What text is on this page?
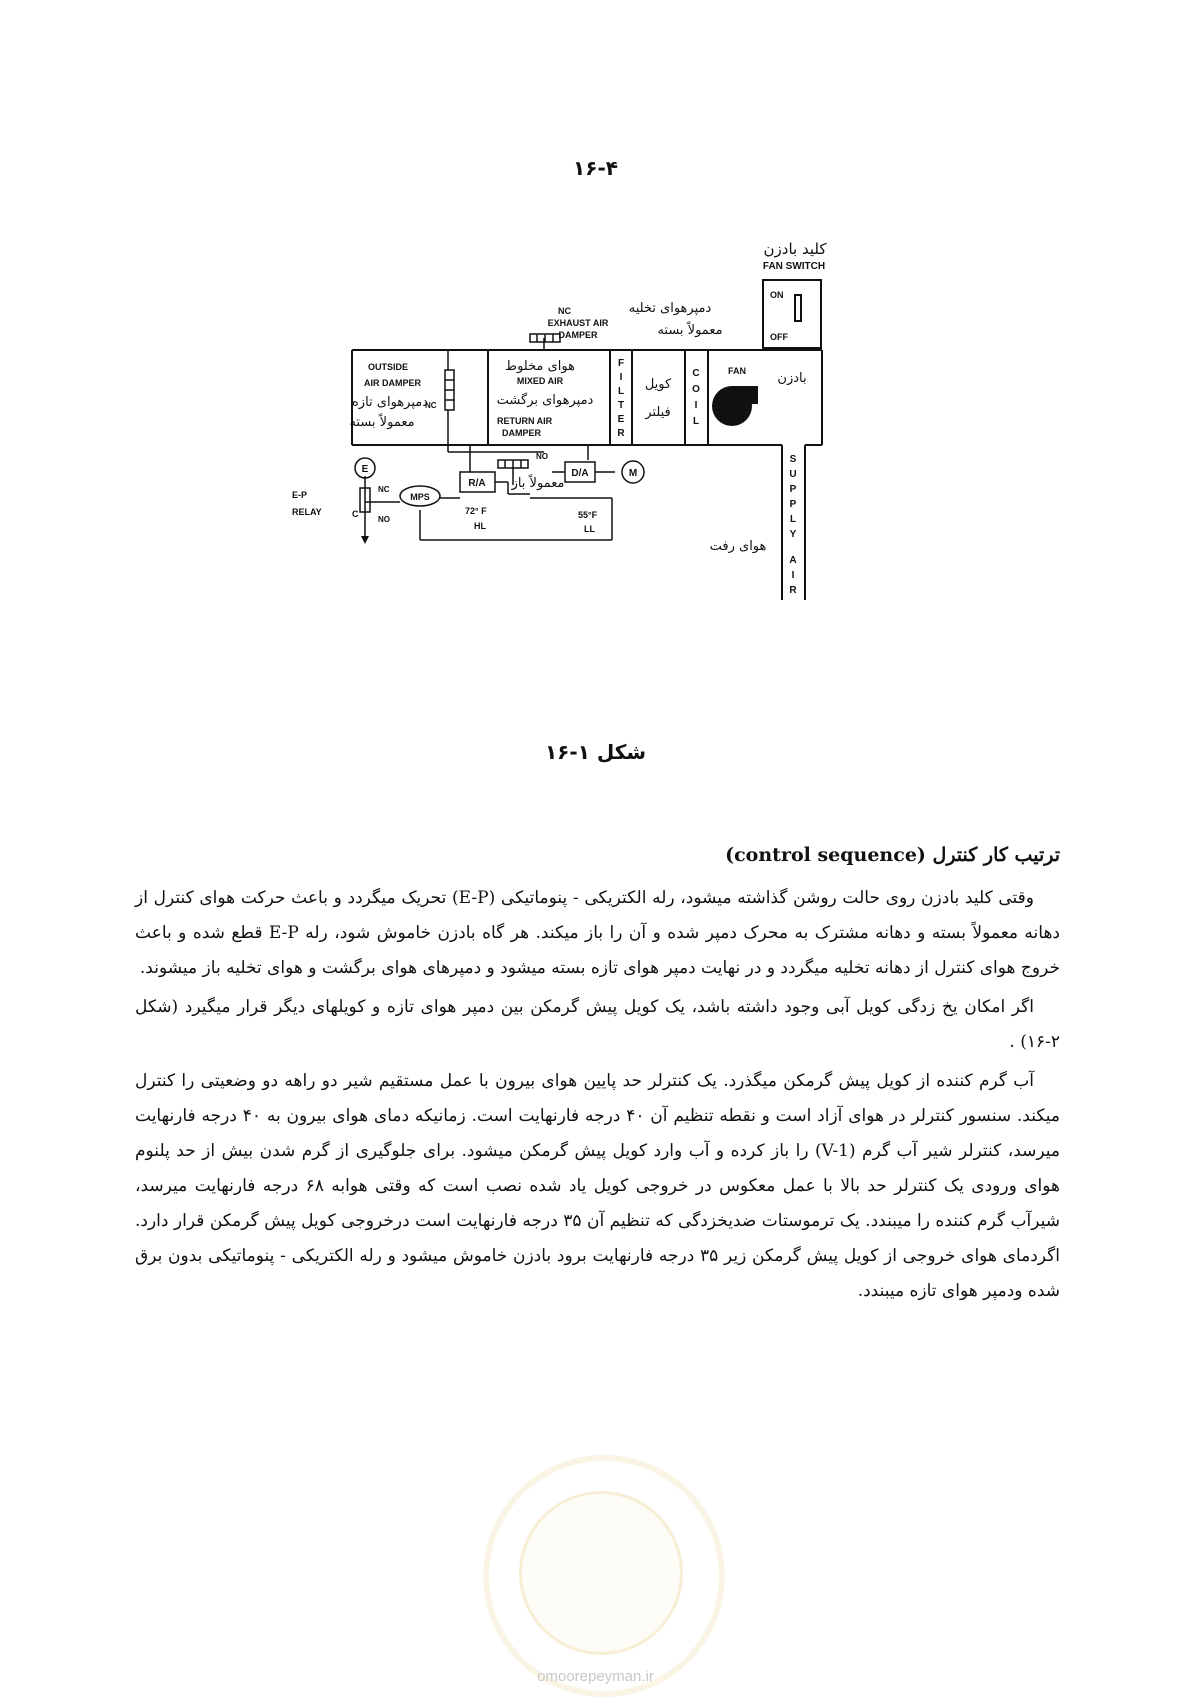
۱۶-۴
کلید بادزن
FAN SWITCH
ON
OFF
NC	دمپرهوای تخلیه
EXHAUST AIR
DAMPER	معمولاً بسته
OUTSIDE
AIR DAMPER
دمپرهوای تازه
معمولاً بسته
NC
هوای مخلوط
MIXED AIR
دمپرهوای برگشت
RETURN AIR
DAMPER
F
I
L
T
E
R
کویل
فیلتر
C
O
I
L
FAN بادزن
S
U
P
P
L
Y
A
I
R
هوای رفت
NO
معمولاً باز
E
E-P
RELAY
NC
C
NO
MPS
R/A
72° F
HL
D/A
55°F
LL
M
شکل ۱-۱۶
ترتیب کار کنترل (control sequence)

وقتی کلید بادزن روی حالت روشن گذاشته میشود، رله الکتریکی - پنوماتیکی (E-P) تحریک میگردد و باعث حرکت هوای کنترل از دهانه معمولاً بسته و دهانه مشترک به محرک دمپر شده و آن را باز میکند. هر گاه بادزن خاموش شود، رله E-P قطع شده و باعث خروج هوای کنترل از دهانه تخلیه میگردد و در نهایت دمپر هوای تازه بسته میشود و دمپرهای هوای برگشت و هوای تخلیه باز میشوند.

اگر امکان یخ زدگی کویل آبی وجود داشته باشد، یک کویل پیش گرمکن بین دمپر هوای تازه و کویلهای دیگر قرار میگیرد (شکل ۲-۱۶) .

آب گرم کننده از کویل پیش گرمکن میگذرد. یک کنترلر حد پایین هوای بیرون با عمل مستقیم شیر دو راهه دو وضعیتی را کنترل میکند. سنسور کنترلر در هوای آزاد است و نقطه تنظیم آن ۴۰ درجه فارنهایت است. زمانیکه دمای هوای بیرون به ۴۰ درجه فارنهایت میرسد، کنترلر شیر آب گرم (V-1) را باز کرده و آب وارد کویل پیش گرمکن میشود. برای جلوگیری از گرم شدن بیش از حد پلنوم هوای ورودی یک کنترلر حد بالا با عمل معکوس در خروجی کویل یاد شده نصب است که وقتی هوابه ۶۸ درجه فارنهایت میرسد، شیرآب گرم کننده را میبندد. یک ترموستات ضدیخزدگی که تنظیم آن ۳۵ درجه فارنهایت است درخروجی کویل پیش گرمکن قرار دارد. اگردمای هوای خروجی از کویل پیش گرمکن زیر ۳۵ درجه فارنهایت برود بادزن خاموش میشود و رله الکتریکی - پنوماتیکی بدون برق شده ودمپر هوای تازه میبندد.

omoorepeyman.ir
